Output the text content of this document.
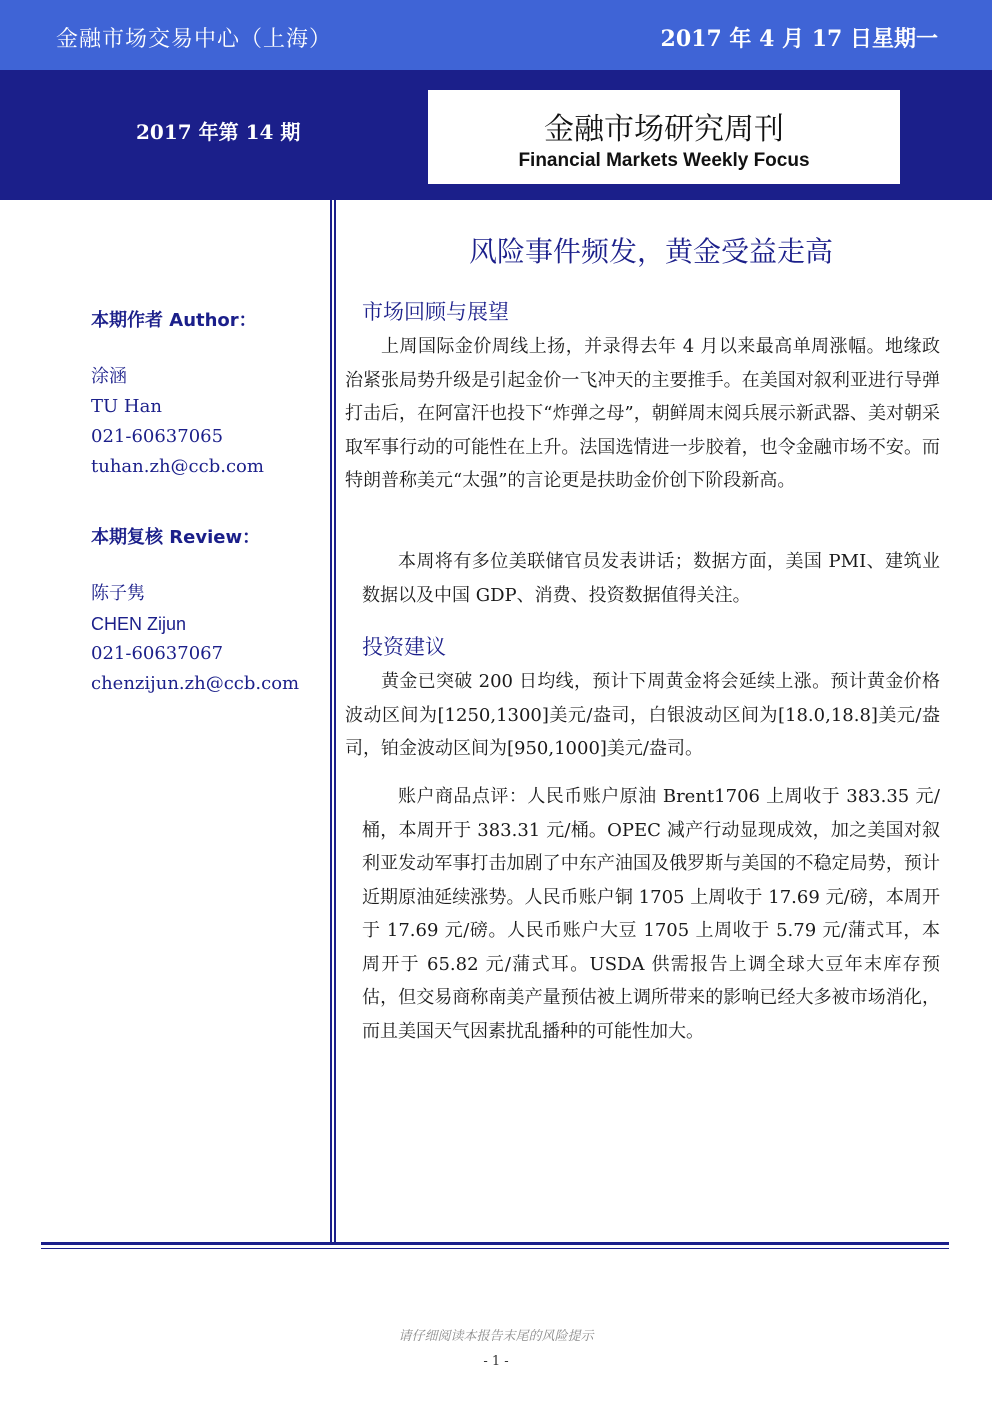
金融市场交易中心（上海）	2017 年 4 月 17 日星期一
2017 年第 14 期	金融市场研究周刊
Financial Markets Weekly Focus
本期作者 Author：
涂涵
TU Han
021-60637065
tuhan.zh@ccb.com
本期复核 Review：
陈子隽
CHEN Zijun
021-60637067
chenzijun.zh@ccb.com
风险事件频发，黄金受益走高
市场回顾与展望
上周国际金价周线上扬，并录得去年 4 月以来最高单周涨幅。地缘政治紧张局势升级是引起金价一飞冲天的主要推手。在美国对叙利亚进行导弹打击后，在阿富汗也投下“炸弹之母”，朝鲜周末阅兵展示新武器、美对朝采取军事行动的可能性在上升。法国选情进一步胶着，也令金融市场不安。而特朗普称美元“太强”的言论更是扶助金价创下阶段新高。
本周将有多位美联储官员发表讲话；数据方面，美国 PMI、建筑业数据以及中国 GDP、消费、投资数据值得关注。
投资建议
黄金已突破 200 日均线，预计下周黄金将会延续上涨。预计黄金价格波动区间为[1250,1300]美元/盎司，白银波动区间为[18.0,18.8]美元/盎司，铂金波动区间为[950,1000]美元/盎司。
账户商品点评：人民币账户原油 Brent1706 上周收于 383.35 元/桶，本周开于 383.31 元/桶。OPEC 减产行动显现成效，加之美国对叙利亚发动军事打击加剧了中东产油国及俄罗斯与美国的不稳定局势，预计近期原油延续涨势。人民币账户铜 1705 上周收于 17.69 元/磅，本周开于 17.69 元/磅。人民币账户大豆 1705 上周收于 5.79 元/蒲式耳，本周开于 65.82 元/蒲式耳。USDA 供需报告上调全球大豆年末库存预估，但交易商称南美产量预估被上调所带来的影响已经大多被市场消化，而且美国天气因素扰乱播种的可能性加大。
请仔细阅读本报告末尾的风险提示
- 1 -
